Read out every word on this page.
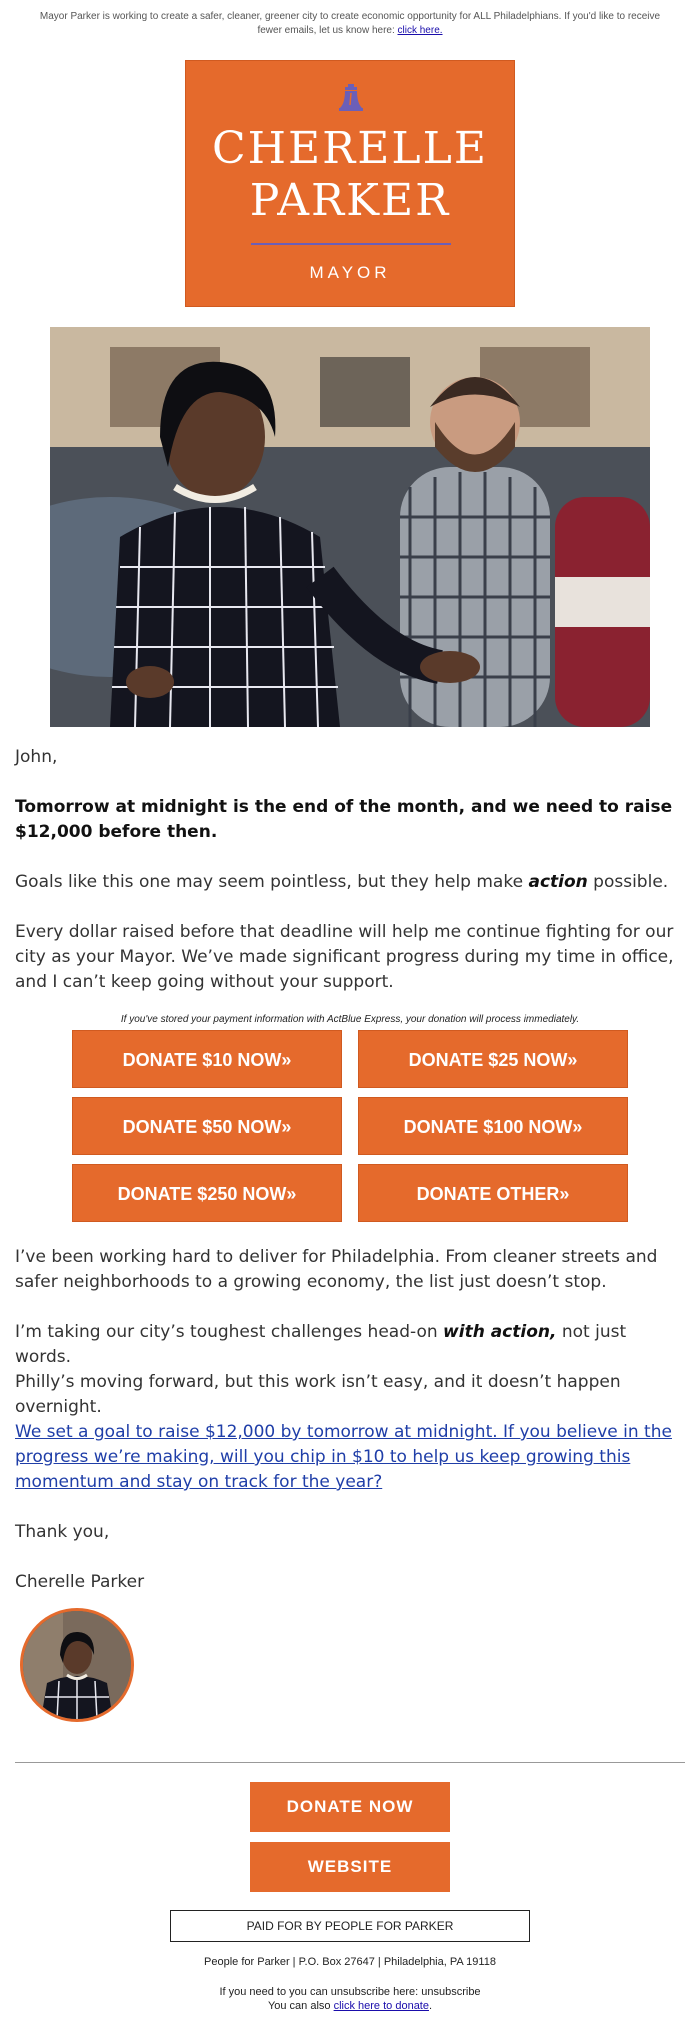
Mayor Parker is working to create a safer, cleaner, greener city to create economic opportunity for ALL Philadelphians. If you'd like to receive fewer emails, let us know here: click here.
CHERELLE
PARKER
MAYOR
John,
Tomorrow at midnight is the end of the month, and we need to raise $12,000 before then.
Goals like this one may seem pointless, but they help make action possible.
Every dollar raised before that deadline will help me continue fighting for our city as your Mayor. We’ve made significant progress during my time in office, and I can’t keep going without your support.
If you've stored your payment information with ActBlue Express, your donation will process immediately.
DONATE $10 NOW»	DONATE $25 NOW»
DONATE $50 NOW»	DONATE $100 NOW»
DONATE $250 NOW»	DONATE OTHER»
I’ve been working hard to deliver for Philadelphia. From cleaner streets and safer neighborhoods to a growing economy, the list just doesn’t stop.
I’m taking our city’s toughest challenges head-on with action, not just words.
Philly’s moving forward, but this work isn’t easy, and it doesn’t happen overnight.
We set a goal to raise $12,000 by tomorrow at midnight. If you believe in the progress we’re making, will you chip in $10 to help us keep growing this momentum and stay on track for the year?
Thank you,
Cherelle Parker
DONATE NOW
WEBSITE
PAID FOR BY PEOPLE FOR PARKER
People for Parker | P.O. Box 27647 | Philadelphia, PA 19118
If you need to you can unsubscribe here: unsubscribe
You can also click here to donate.
